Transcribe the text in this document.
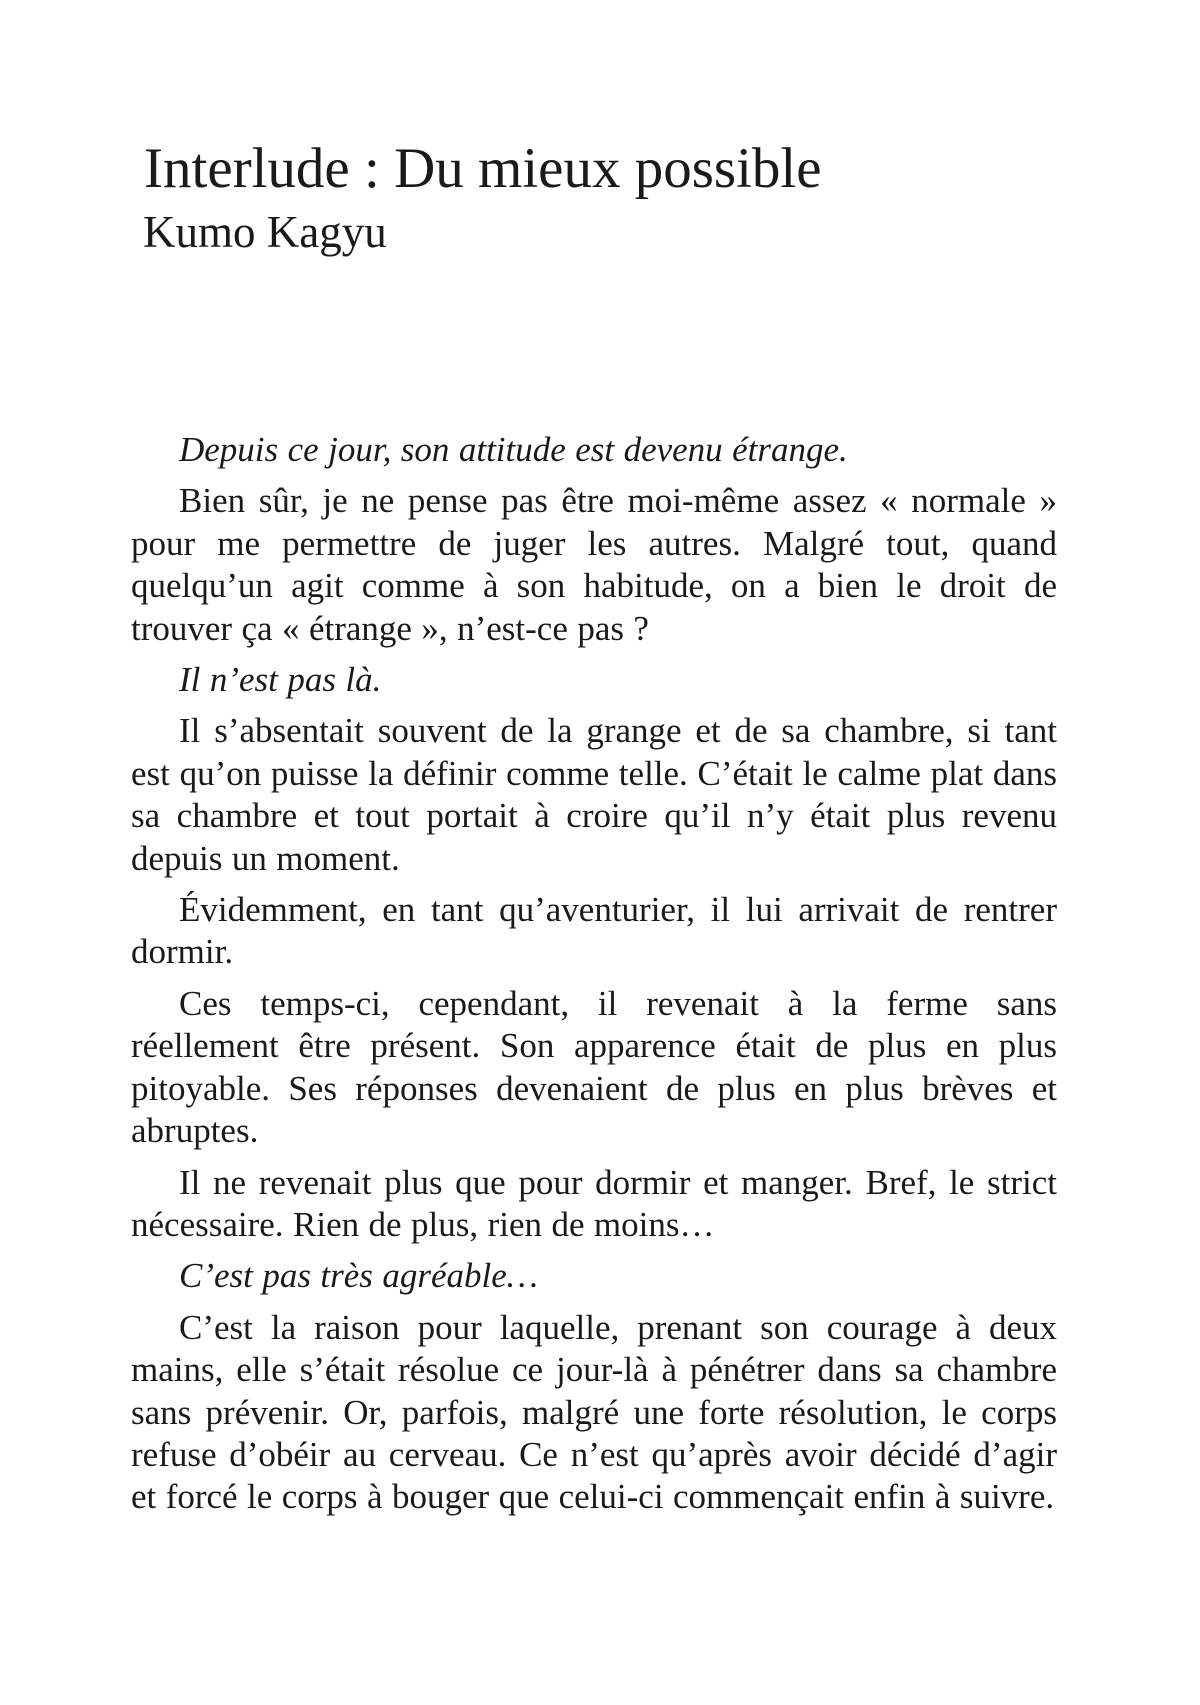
Interlude : Du mieux possible
Kumo Kagyu

Depuis ce jour, son attitude est devenu étrange.

Bien sûr, je ne pense pas être moi-même assez « normale » pour me permettre de juger les autres. Malgré tout, quand quelqu’un agit comme à son habitude, on a bien le droit de trouver ça « étrange », n’est-ce pas ?

Il n’est pas là.

Il s’absentait souvent de la grange et de sa chambre, si tant est qu’on puisse la définir comme telle. C’était le calme plat dans sa chambre et tout portait à croire qu’il n’y était plus revenu depuis un moment.

Évidemment, en tant qu’aventurier, il lui arrivait de rentrer dormir.

Ces temps-ci, cependant, il revenait à la ferme sans réellement être présent. Son apparence était de plus en plus pitoyable. Ses réponses devenaient de plus en plus brèves et abruptes.

Il ne revenait plus que pour dormir et manger. Bref, le strict nécessaire. Rien de plus, rien de moins…

C’est pas très agréable…

C’est la raison pour laquelle, prenant son courage à deux mains, elle s’était résolue ce jour-là à pénétrer dans sa chambre sans prévenir. Or, parfois, malgré une forte résolution, le corps refuse d’obéir au cerveau. Ce n’est qu’après avoir décidé d’agir et forcé le corps à bouger que celui-ci commençait enfin à suivre.
